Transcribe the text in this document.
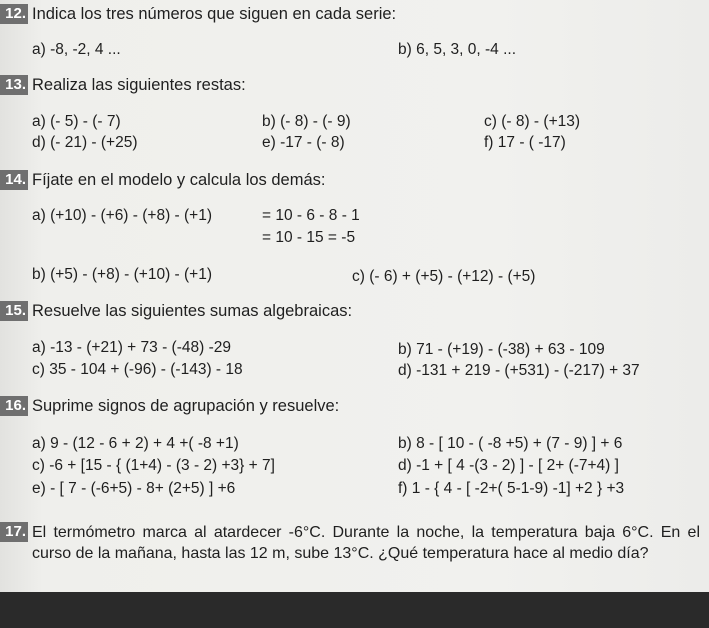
12. Indica los tres números que siguen en cada serie:
a) -8, -2, 4 ...	b) 6, 5, 3, 0, -4 ...
13. Realiza las siguientes restas:
a) (- 5) - (- 7)	b) (- 8) - (- 9)	c) (- 8) - (+13)
d) (- 21) - (+25)	e) -17 - (- 8)	f) 17 - ( -17)
14. Fíjate en el modelo y calcula los demás:
a) (+10) - (+6) - (+8) - (+1)	= 10 - 6 - 8 - 1
= 10 - 15 = -5
b) (+5) - (+8) - (+10) - (+1)	c) (- 6) + (+5) - (+12) - (+5)
15. Resuelve las siguientes sumas algebraicas:
a) -13 - (+21) + 73 - (-48) -29	b) 71 - (+19) - (-38) + 63 - 109
c) 35 - 104 + (-96) - (-143) - 18	d) -131 + 219 - (+531) - (-217) + 37
16. Suprime signos de agrupación y resuelve:
a) 9 - (12 - 6 + 2) + 4 +( -8 +1)	b) 8 - [ 10 - ( -8 +5) + (7 - 9) ] + 6
c) -6 + [15 - { (1+4) - (3 - 2) +3} + 7]	d) -1 + [ 4 -(3 - 2) ] - [ 2+ (-7+4) ]
e) - [ 7 - (-6+5) - 8+ (2+5) ] +6	f) 1 - { 4 - [ -2+( 5-1-9) -1] +2 } +3
17. El termómetro marca al atardecer -6°C. Durante la noche, la temperatura baja 6°C. En el curso de la mañana, hasta las 12 m, sube 13°C. ¿Qué temperatura hace al medio día?
